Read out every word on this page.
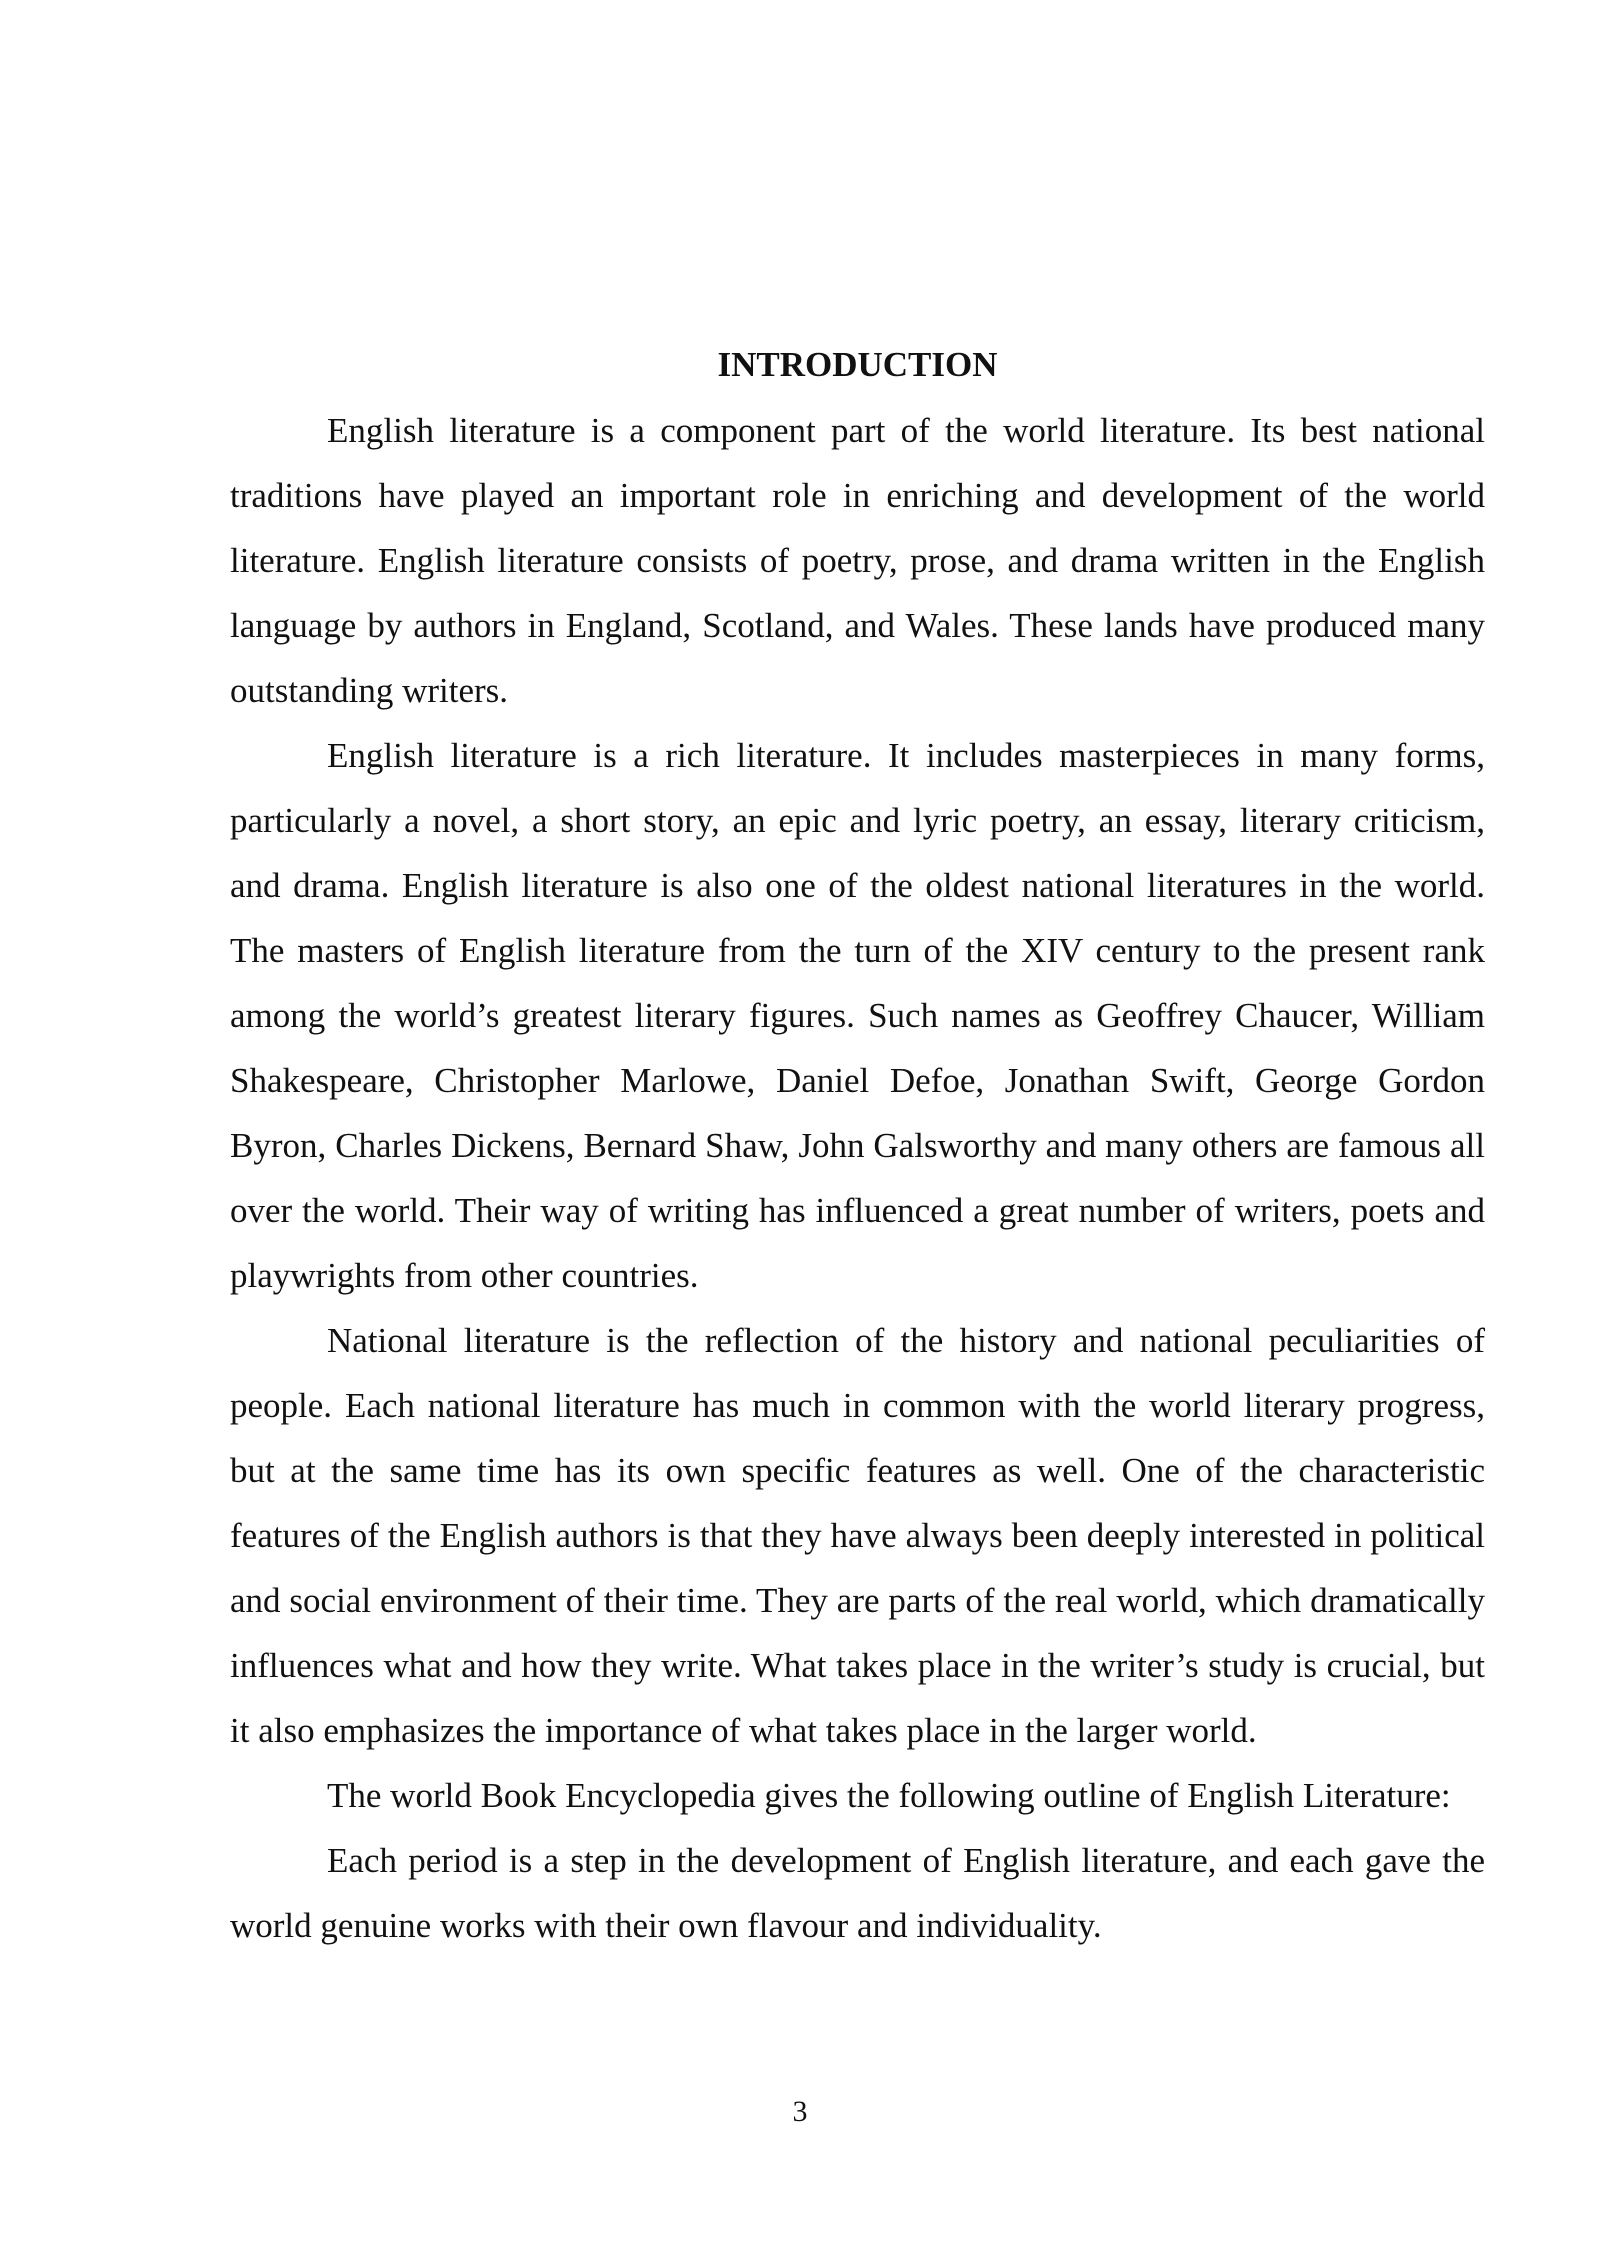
INTRODUCTION

English literature is a component part of the world literature. Its best national traditions have played an important role in enriching and development of the world literature. English literature consists of poetry, prose, and drama written in the English language by authors in England, Scotland, and Wales. These lands have produced many outstanding writers.

English literature is a rich literature. It includes masterpieces in many forms, particularly a novel, a short story, an epic and lyric poetry, an essay, literary criticism, and drama. English literature is also one of the oldest national literatures in the world. The masters of English literature from the turn of the XIV century to the present rank among the world’s greatest literary figures. Such names as Geoffrey Chaucer, William Shakespeare, Christopher Marlowe, Daniel Defoe, Jonathan Swift, George Gordon Byron, Charles Dickens, Bernard Shaw, John Galsworthy and many others are famous all over the world. Their way of writing has influenced a great number of writers, poets and playwrights from other countries.

National literature is the reflection of the history and national peculiarities of people. Each national literature has much in common with the world literary progress, but at the same time has its own specific features as well. One of the characteristic features of the English authors is that they have always been deeply interested in political and social environment of their time. They are parts of the real world, which dramatically influences what and how they write. What takes place in the writer’s study is crucial, but it also emphasizes the importance of what takes place in the larger world.

The world Book Encyclopedia gives the following outline of English Literature:

Each period is a step in the development of English literature, and each gave the world genuine works with their own flavour and individuality.

3
